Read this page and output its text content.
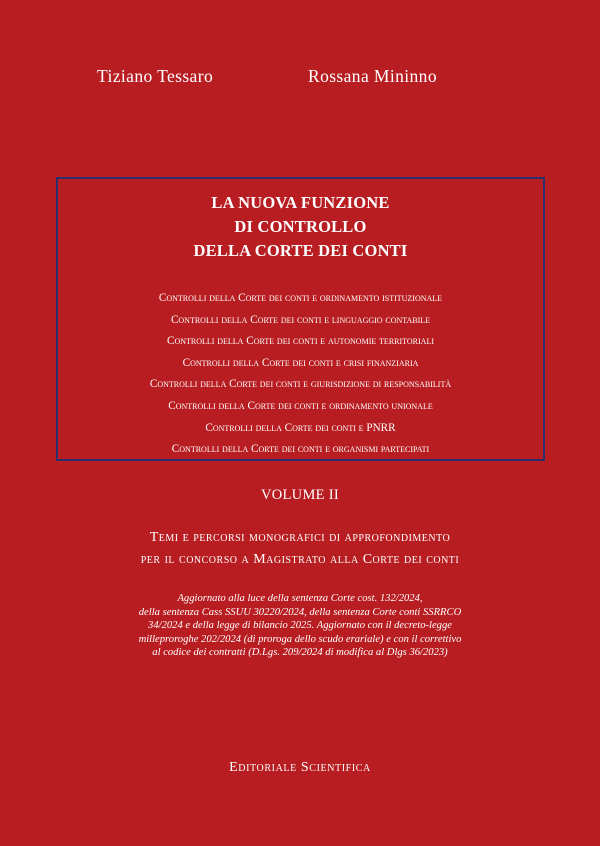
Tiziano Tessaro	Rossana Mininno
LA NUOVA FUNZIONE
DI CONTROLLO
DELLA CORTE DEI CONTI
Controlli della Corte dei conti e ordinamento istituzionale
Controlli della Corte dei conti e linguaggio contabile
Controlli della Corte dei conti e autonomie territoriali
Controlli della Corte dei conti e crisi finanziaria
Controlli della Corte dei conti e giurisdizione di responsabilità
Controlli della Corte dei conti e ordinamento unionale
Controlli della Corte dei conti e PNRR
Controlli della Corte dei conti e organismi partecipati
VOLUME II
Temi e percorsi monografici di approfondimento
per il concorso a Magistrato alla Corte dei conti
Aggiornato alla luce della sentenza Corte cost. 132/2024,
della sentenza Cass SSUU 30220/2024, della sentenza Corte conti SSRRCO
34/2024 e della legge di bilancio 2025. Aggiornato con il decreto-legge
milleproroghe 202/2024 (di proroga dello scudo erariale) e con il correttivo
al codice dei contratti (D.Lgs. 209/2024 di modifica al Dlgs 36/2023)
Editoriale Scientifica
